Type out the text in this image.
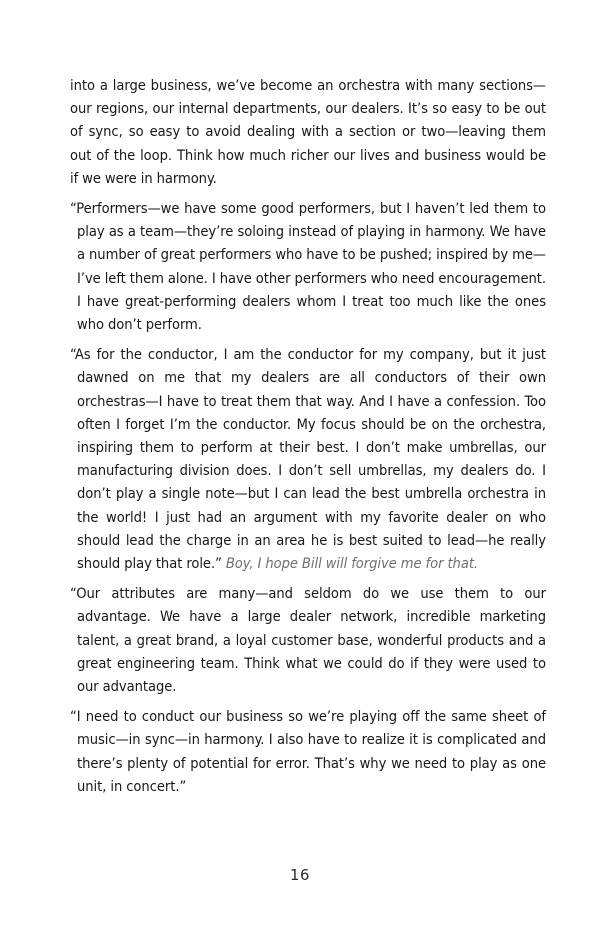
into a large business, we’ve become an orchestra with many sections—our regions, our internal departments, our dealers. It’s so easy to be out of sync, so easy to avoid dealing with a section or two—leaving them out of the loop. Think how much richer our lives and business would be if we were in harmony.

“Performers—we have some good performers, but I haven’t led them to play as a team—they’re soloing instead of playing in harmony. We have a number of great performers who have to be pushed; inspired by me—I’ve left them alone. I have other performers who need encouragement. I have great-performing dealers whom I treat too much like the ones who don’t perform.

“As for the conductor, I am the conductor for my company, but it just dawned on me that my dealers are all conductors of their own orchestras—I have to treat them that way. And I have a confession. Too often I forget I’m the conductor. My focus should be on the orchestra, inspiring them to perform at their best. I don’t make umbrellas, our manufacturing division does. I don’t sell umbrellas, my dealers do. I don’t play a single note—but I can lead the best umbrella orchestra in the world! I just had an argument with my favorite dealer on who should lead the charge in an area he is best suited to lead—he really should play that role.” Boy, I hope Bill will forgive me for that.

“Our attributes are many—and seldom do we use them to our advantage. We have a large dealer network, incredible marketing talent, a great brand, a loyal customer base, wonderful products and a great engineering team. Think what we could do if they were used to our advantage.

“I need to conduct our business so we’re playing off the same sheet of music—in sync—in harmony. I also have to realize it is complicated and there’s plenty of potential for error. That’s why we need to play as one unit, in concert.”

16
